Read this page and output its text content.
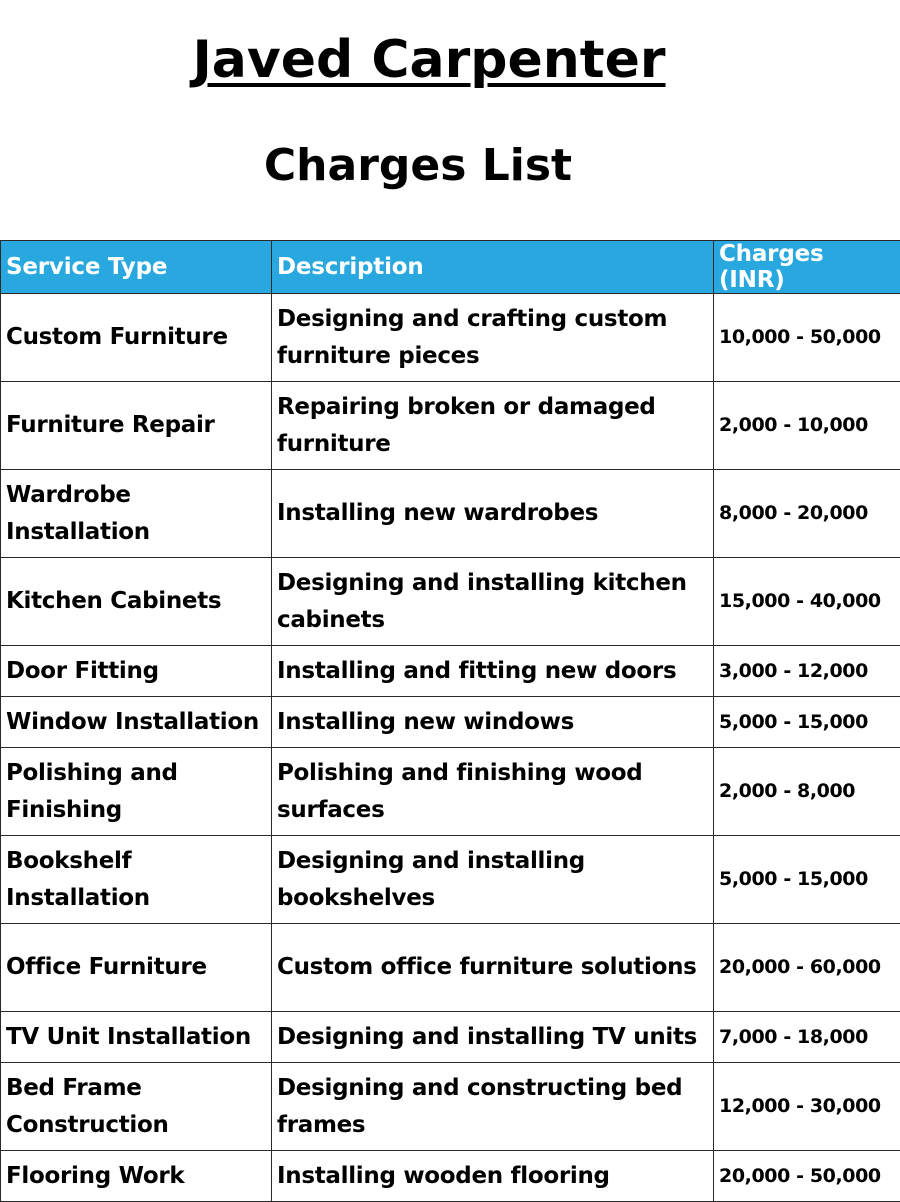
Javed Carpenter
Charges List
Service Type	Description	Charges (INR)
Custom Furniture	Designing and crafting custom furniture pieces	10,000 - 50,000
Furniture Repair	Repairing broken or damaged furniture	2,000 - 10,000
Wardrobe Installation	Installing new wardrobes	8,000 - 20,000
Kitchen Cabinets	Designing and installing kitchen cabinets	15,000 - 40,000
Door Fitting	Installing and fitting new doors	3,000 - 12,000
Window Installation	Installing new windows	5,000 - 15,000
Polishing and Finishing	Polishing and finishing wood surfaces	2,000 - 8,000
Bookshelf Installation	Designing and installing bookshelves	5,000 - 15,000
Office Furniture	Custom office furniture solutions	20,000 - 60,000
TV Unit Installation	Designing and installing TV units	7,000 - 18,000
Bed Frame Construction	Designing and constructing bed frames	12,000 - 30,000
Flooring Work	Installing wooden flooring	20,000 - 50,000
